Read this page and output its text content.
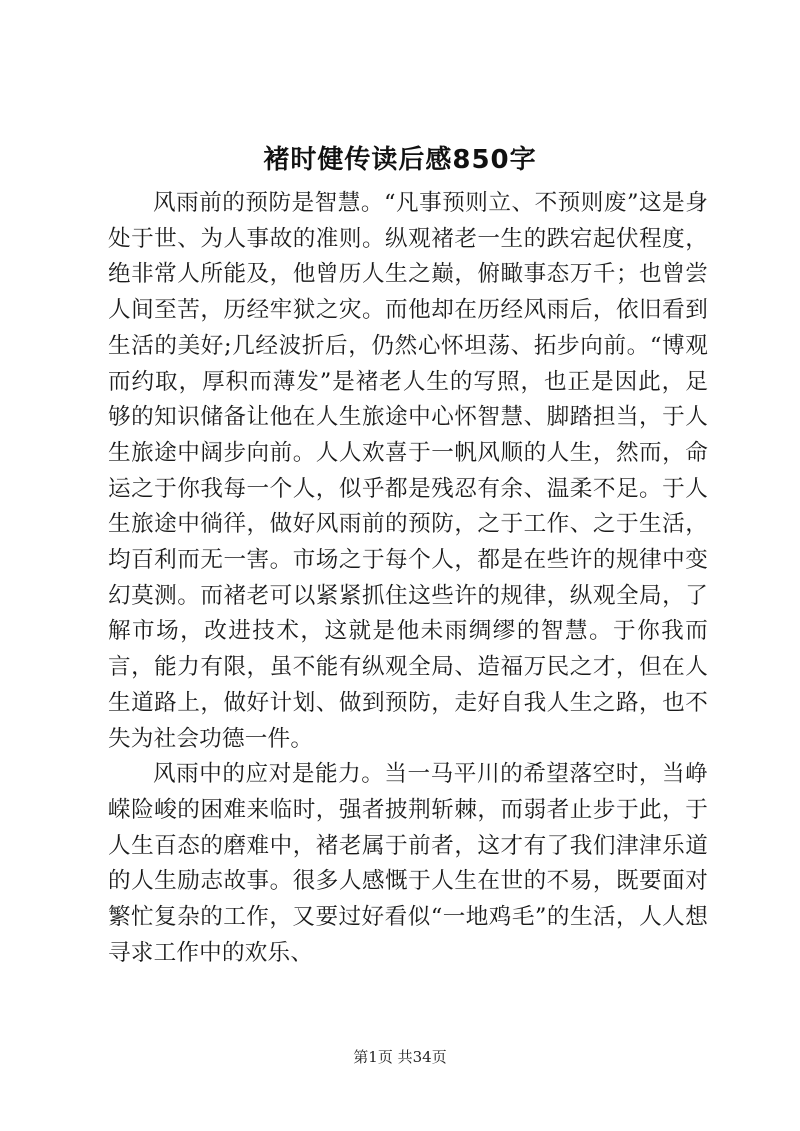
褚时健传读后感850字

风雨前的预防是智慧。“凡事预则立、不预则废”这是身处于世、为人事故的准则。纵观褚老一生的跌宕起伏程度，绝非常人所能及，他曾历人生之巅，俯瞰事态万千；也曾尝人间至苦，历经牢狱之灾。而他却在历经风雨后，依旧看到生活的美好;几经波折后，仍然心怀坦荡、拓步向前。“博观而约取，厚积而薄发”是褚老人生的写照，也正是因此，足够的知识储备让他在人生旅途中心怀智慧、脚踏担当，于人生旅途中阔步向前。人人欢喜于一帆风顺的人生，然而，命运之于你我每一个人，似乎都是残忍有余、温柔不足。于人生旅途中徜徉，做好风雨前的预防，之于工作、之于生活，均百利而无一害。市场之于每个人，都是在些许的规律中变幻莫测。而褚老可以紧紧抓住这些许的规律，纵观全局，了解市场，改进技术，这就是他未雨绸缪的智慧。于你我而言，能力有限，虽不能有纵观全局、造福万民之才，但在人生道路上，做好计划、做到预防，走好自我人生之路，也不失为社会功德一件。

风雨中的应对是能力。当一马平川的希望落空时，当峥嵘险峻的困难来临时，强者披荆斩棘，而弱者止步于此，于人生百态的磨难中，褚老属于前者，这才有了我们津津乐道的人生励志故事。很多人感慨于人生在世的不易，既要面对繁忙复杂的工作，又要过好看似“一地鸡毛”的生活，人人想寻求工作中的欢乐、

第1页 共34页
